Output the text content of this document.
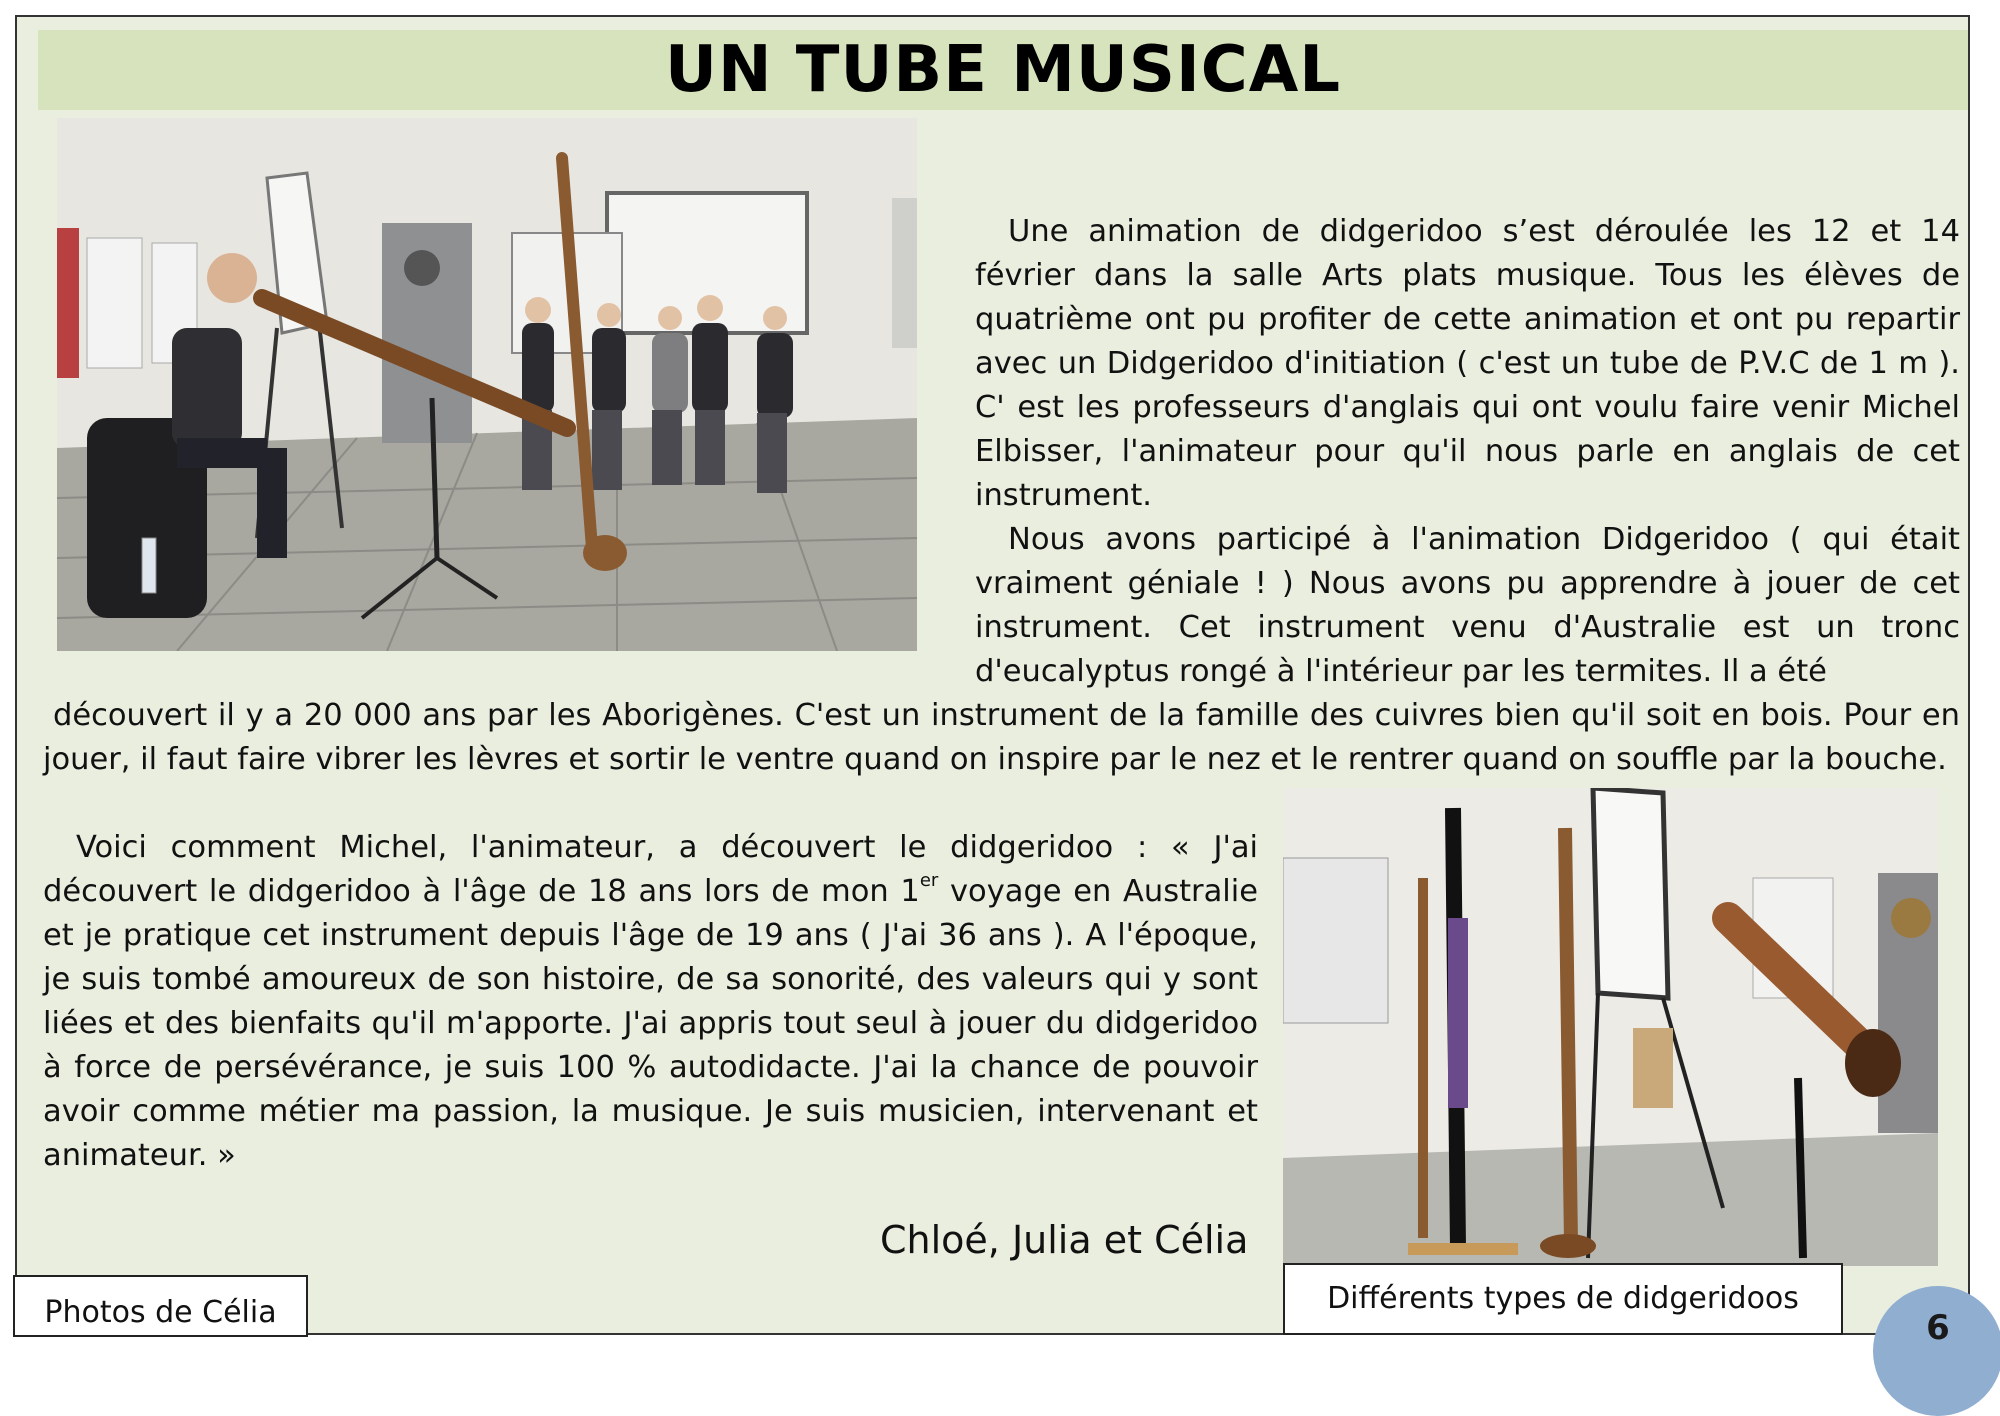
UN TUBE MUSICAL

Une animation de didgeridoo s’est déroulée les 12 et 14 février dans la salle Arts plats musique. Tous les élèves de quatrième ont pu profiter de cette animation et ont pu repartir avec un Didgeridoo d'initiation ( c'est un tube de P.V.C de 1 m ). C' est les professeurs d'anglais qui ont voulu faire venir Michel Elbisser, l'animateur pour qu'il nous parle en anglais de cet instrument.

Nous avons participé à l'animation Didgeridoo ( qui était vraiment géniale ! ) Nous avons pu apprendre à jouer de cet instrument. Cet instrument venu d'Australie est un tronc d'eucalyptus rongé à l'intérieur par les termites. Il a été

découvert il y a 20 000 ans par les Aborigènes. C'est un instrument de la famille des cuivres bien qu'il soit en bois. Pour en jouer, il faut faire vibrer les lèvres et sortir le ventre quand on inspire par le nez et le rentrer quand on souffle par la bouche.
Voici comment Michel, l'animateur, a découvert le didgeridoo : « J'ai découvert le didgeridoo à l'âge de 18 ans lors de mon 1er voyage en Australie et je pratique cet instrument depuis l'âge de 19 ans ( J'ai 36 ans ). A l'époque, je suis tombé amoureux de son histoire, de sa sonorité, des valeurs qui y sont liées et des bienfaits qu'il m'apporte. J'ai appris tout seul à jouer du didgeridoo à force de persévérance, je suis 100 % autodidacte. J'ai la chance de pouvoir avoir comme métier ma passion, la musique. Je suis musicien, intervenant et animateur. »
Chloé, Julia et Célia
Photos de Célia	Différents types de didgeridoos
6
